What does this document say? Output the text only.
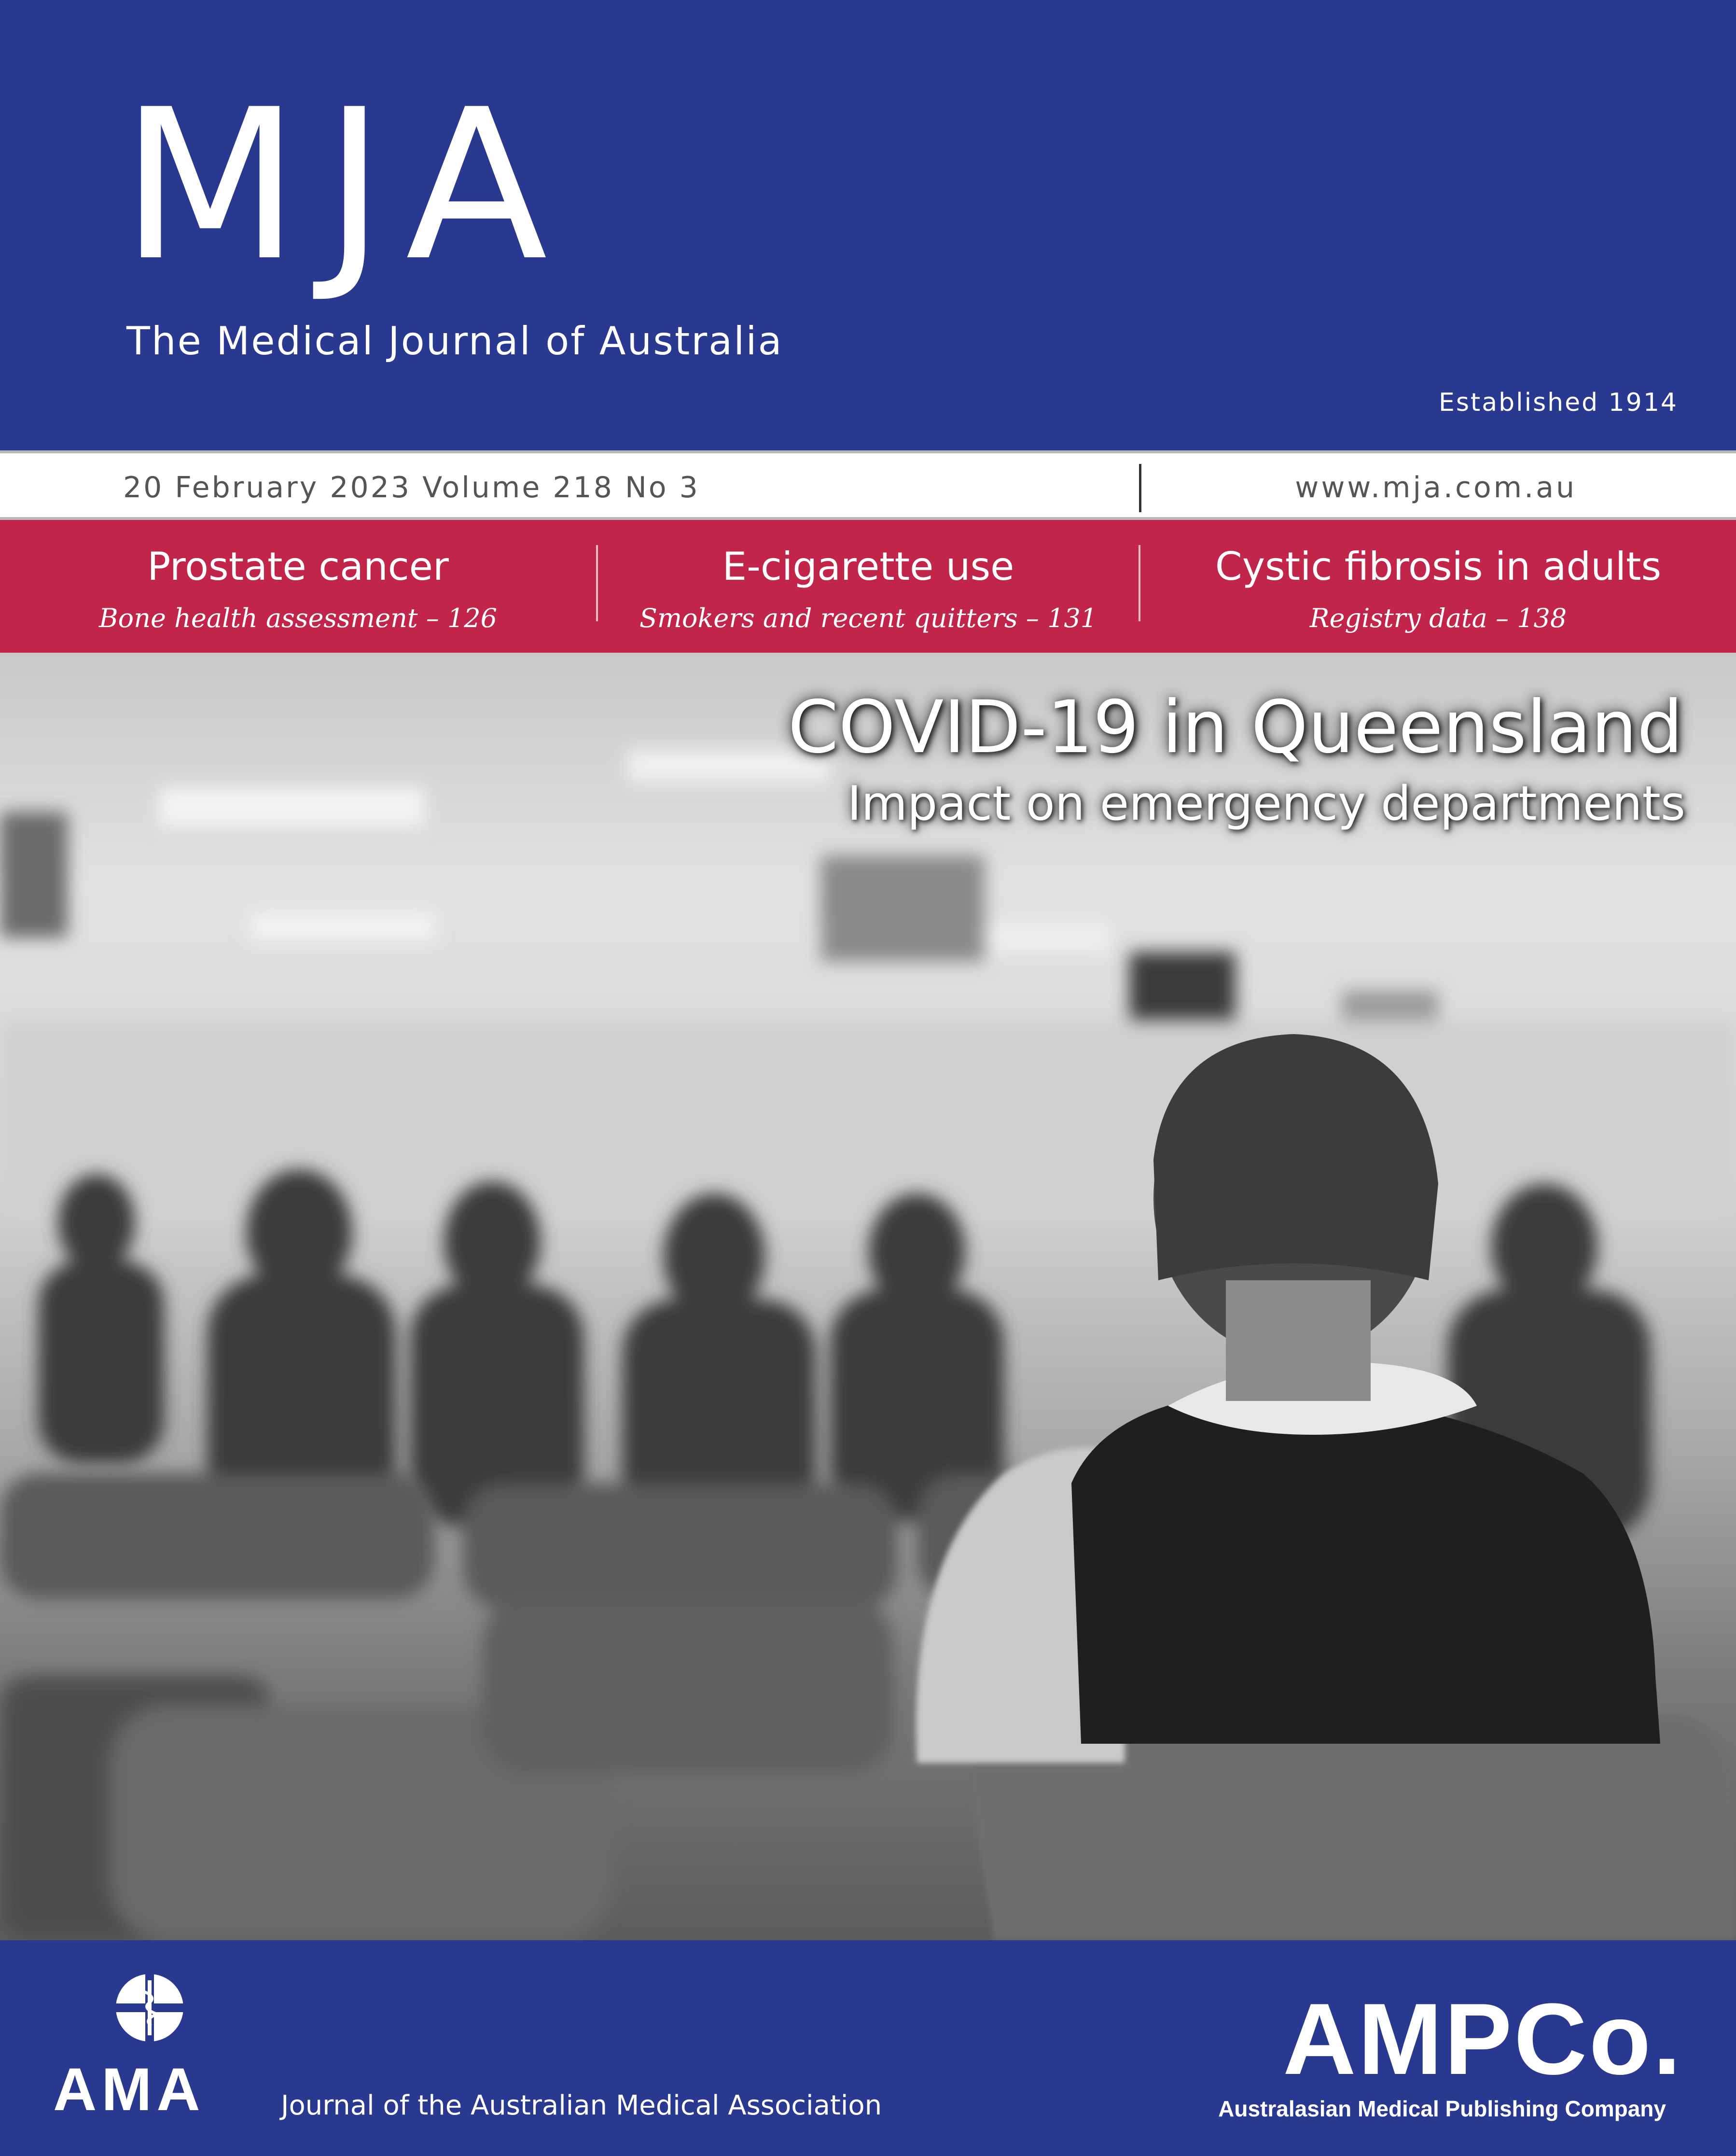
MJA
The Medical Journal of Australia
Established 1914
20 February 2023 Volume 218 No 3	www.mja.com.au
Prostate cancer
Bone health assessment – 126
E-cigarette use
Smokers and recent quitters – 131
Cystic fibrosis in adults
Registry data – 138
COVID-19 in Queensland
Impact on emergency departments
AMA	Journal of the Australian Medical Association
AMPCo.
Australasian Medical Publishing Company
